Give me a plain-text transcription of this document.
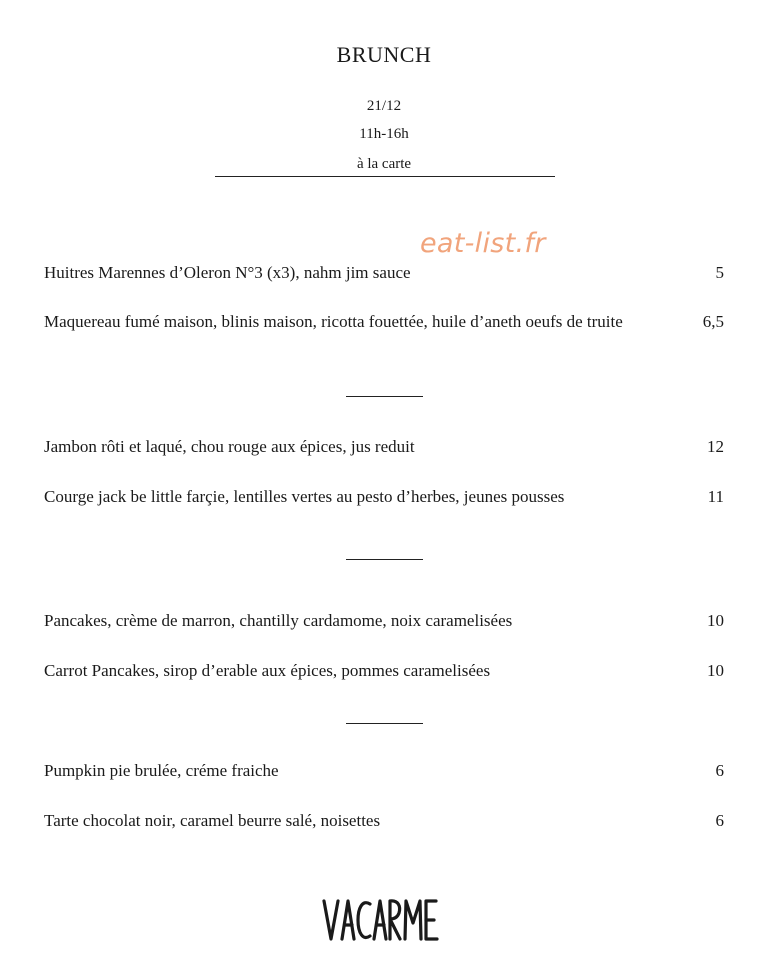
BRUNCH
21/12
11h-16h
à la carte
eat-list.fr
Huitres Marennes d’Oleron N°3 (x3), nahm jim sauce	5
Maquereau fumé maison, blinis maison, ricotta fouettée, huile d’aneth oeufs de truite	6,5
Jambon rôti et laqué, chou rouge aux épices, jus reduit	12
Courge jack be little farçie, lentilles vertes au pesto d’herbes, jeunes pousses	11
Pancakes, crème de marron, chantilly cardamome, noix caramelisées	10
Carrot Pancakes, sirop d’erable aux épices, pommes caramelisées	10
Pumpkin pie brulée, créme fraiche	6
Tarte chocolat noir, caramel beurre salé, noisettes	6
